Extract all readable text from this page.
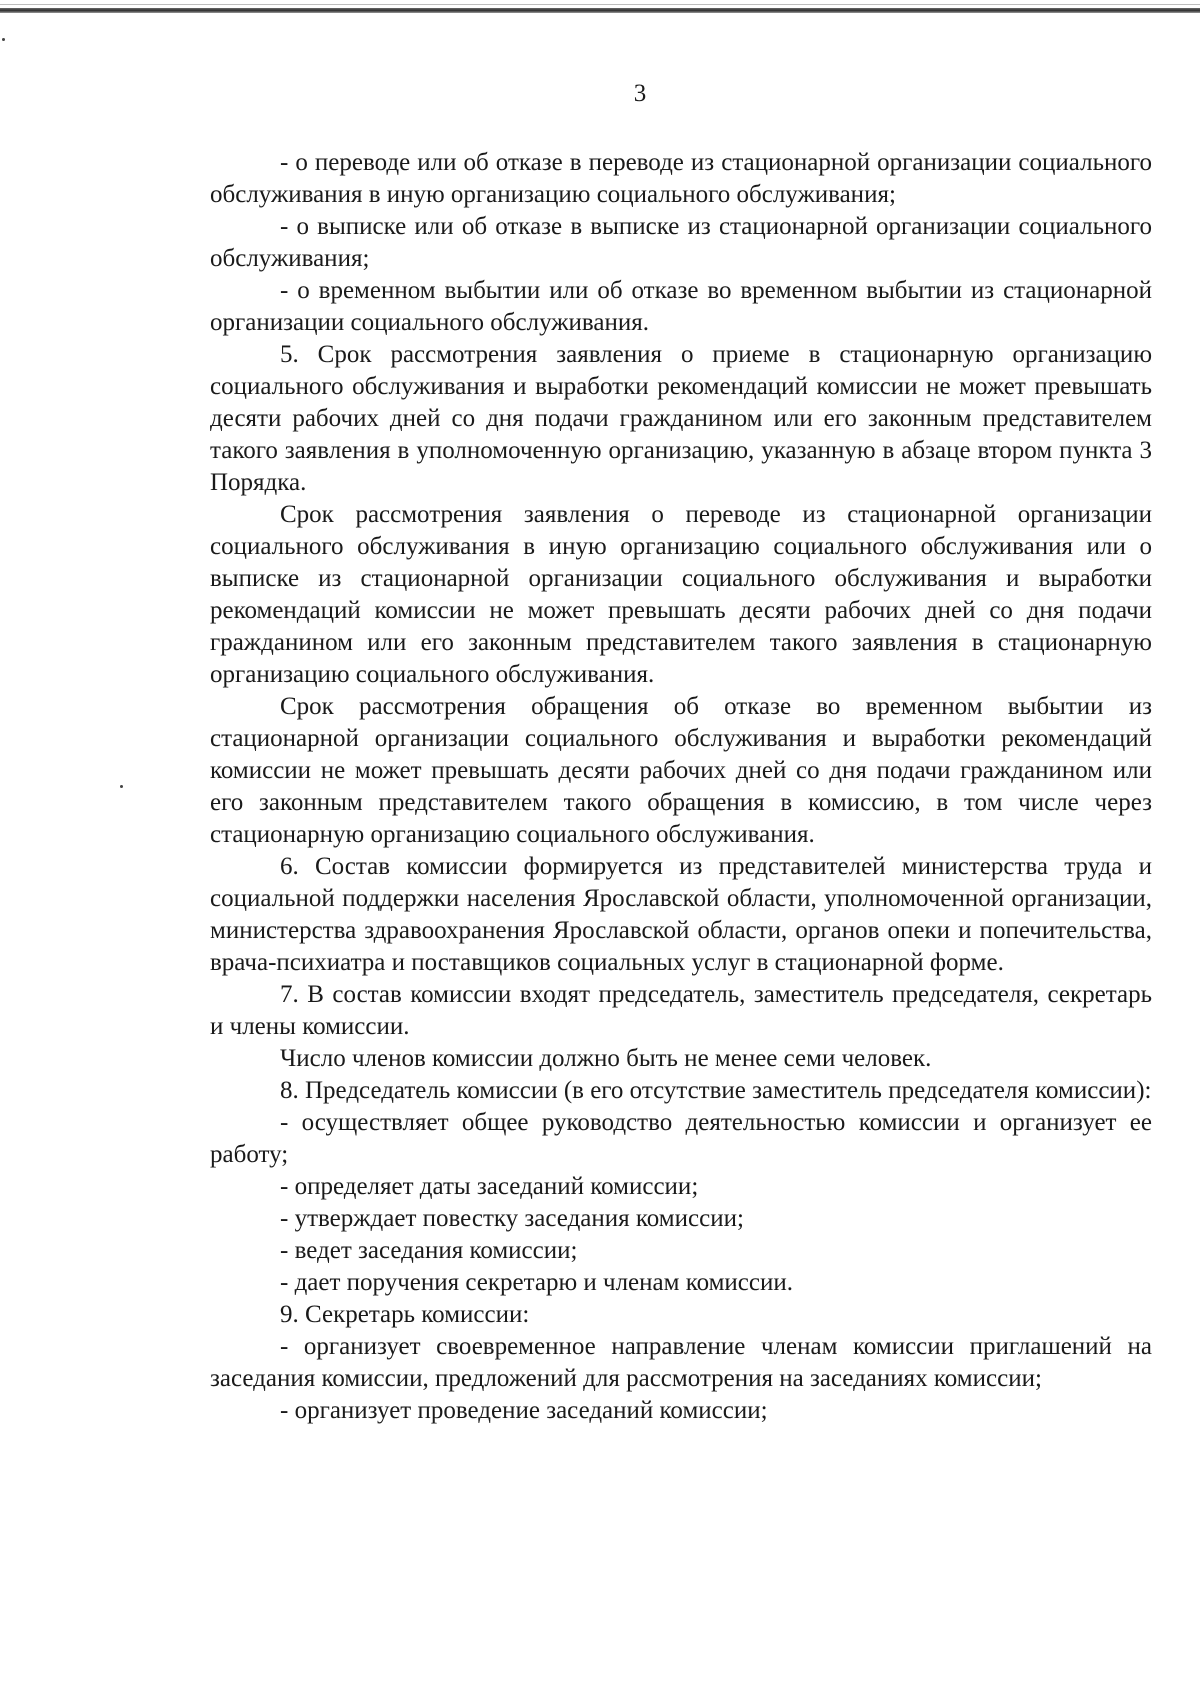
3

- о переводе или об отказе в переводе из стационарной организации социального обслуживания в иную организацию социального обслуживания;

- о выписке или об отказе в выписке из стационарной организации социального обслуживания;

- о временном выбытии или об отказе во временном выбытии из стационарной организации социального обслуживания.

5. Срок рассмотрения заявления о приеме в стационарную организацию социального обслуживания и выработки рекомендаций комиссии не может превышать десяти рабочих дней со дня подачи гражданином или его законным представителем такого заявления в уполномоченную организацию, указанную в абзаце втором пункта 3 Порядка.

Срок рассмотрения заявления о переводе из стационарной организации социального обслуживания в иную организацию социального обслуживания или о выписке из стационарной организации социального обслуживания и выработки рекомендаций комиссии не может превышать десяти рабочих дней со дня подачи гражданином или его законным представителем такого заявления в стационарную организацию социального обслуживания.

Срок рассмотрения обращения об отказе во временном выбытии из стационарной организации социального обслуживания и выработки рекомендаций комиссии не может превышать десяти рабочих дней со дня подачи гражданином или его законным представителем такого обращения в комиссию, в том числе через стационарную организацию социального обслуживания.

6. Состав комиссии формируется из представителей министерства труда и социальной поддержки населения Ярославской области, уполномоченной организации, министерства здравоохранения Ярославской области, органов опеки и попечительства, врача-психиатра и поставщиков социальных услуг в стационарной форме.

7. В состав комиссии входят председатель, заместитель председателя, секретарь и члены комиссии.

Число членов комиссии должно быть не менее семи человек.

8. Председатель комиссии (в его отсутствие заместитель председателя комиссии):

- осуществляет общее руководство деятельностью комиссии и организует ее работу;

- определяет даты заседаний комиссии;

- утверждает повестку заседания комиссии;

- ведет заседания комиссии;

- дает поручения секретарю и членам комиссии.

9. Секретарь комиссии:

- организует своевременное направление членам комиссии приглашений на заседания комиссии, предложений для рассмотрения на заседаниях комиссии;

- организует проведение заседаний комиссии;
